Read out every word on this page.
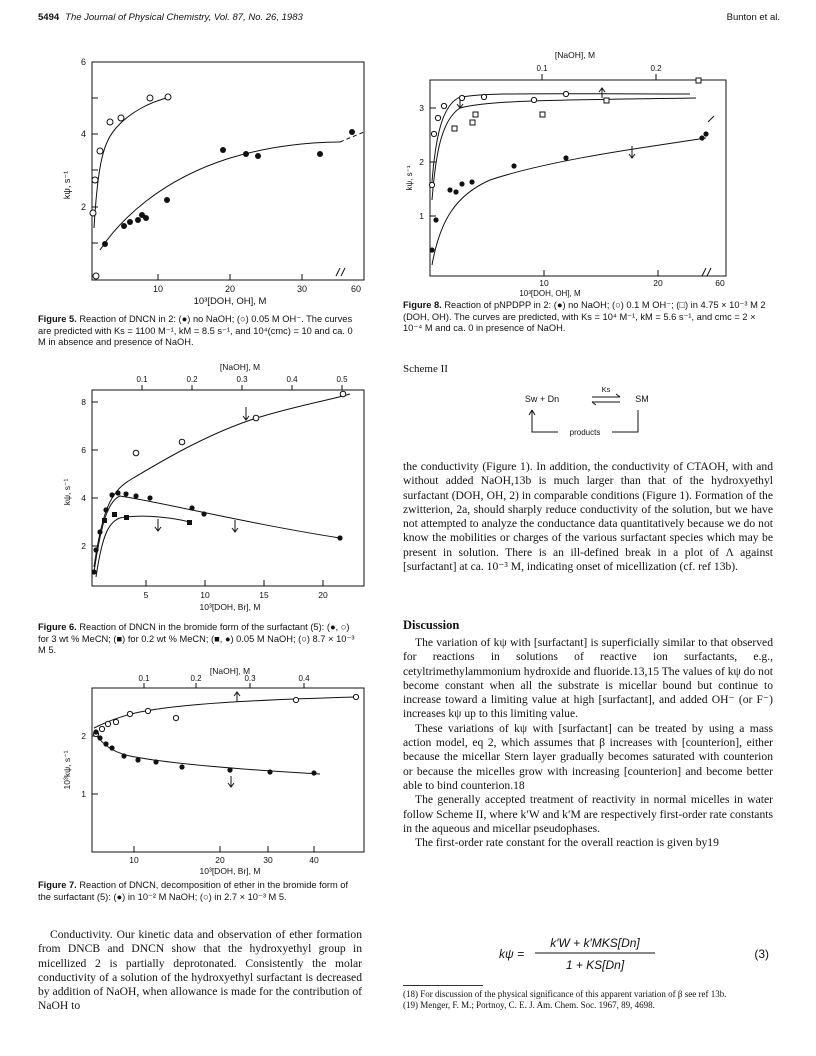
5494 The Journal of Physical Chemistry, Vol. 87, No. 26, 1983	Bunton et al.
2
4
6
10	20	30	60
10³[DOH, OH], M
kψ, s⁻¹
Figure 5. Reaction of DNCN in 2: (●) no NaOH; (○) 0.05 M OH⁻. The curves are predicted with Ks = 1100 M⁻¹, kM = 8.5 s⁻¹, and 10⁴(cmc) = 10 and ca. 0 M in absence and presence of NaOH.
[NaOH], M
0.1	0.2	0.3	0.4	0.5
2
4
6
8
5	10	15	20
10³[DOH, Br], M
kψ, s⁻¹
Figure 6. Reaction of DNCN in the bromide form of the surfactant (5): (●, ○) for 3 wt % MeCN; (■) for 0.2 wt % MeCN; (■, ●) 0.05 M NaOH; (○) 8.7 × 10⁻³ M 5.
[NaOH], M
0.1	0.2	0.3	0.4
1
2
10	20	30	40
10³[DOH, Br], M
10³kψ, s⁻¹
Figure 7. Reaction of DNCN, decomposition of ether in the bromide form of the surfactant (5): (●) in 10⁻² M NaOH; (○) in 2.7 × 10⁻³ M 5.

Conductivity. Our kinetic data and observation of ether formation from DNCB and DNCN show that the hydroxyethyl group in micellized 2 is partially deprotonated. Consistently the molar conductivity of a solution of the hydroxyethyl surfactant is decreased by addition of NaOH, when allowance is made for the contribution of NaOH to

[NaOH], M
0.1	0.2
1
2
3
10	20	60
10³[DOH, OH], M
kψ, s⁻¹
Figure 8. Reaction of pNPDPP in 2: (●) no NaOH; (○) 0.1 M OH⁻; (□) in 4.75 × 10⁻³ M 2 (DOH, OH). The curves are predicted, with Ks = 10⁴ M⁻¹, kM = 5.6 s⁻¹, and cmc = 2 × 10⁻⁴ M and ca. 0 in presence of NaOH.
Scheme II
Sw + Dn
Ks
SM
products

the conductivity (Figure 1). In addition, the conductivity of CTAOH, with and without added NaOH,13b is much larger than that of the hydroxyethyl surfactant (DOH, OH, 2) in comparable conditions (Figure 1). Formation of the zwitterion, 2a, should sharply reduce conductivity of the solution, but we have not attempted to analyze the conductance data quantitatively because we do not know the mobilities or charges of the various surfactant species which may be present in solution. There is an ill-defined break in a plot of Λ against [surfactant] at ca. 10⁻³ M, indicating onset of micellization (cf. ref 13b).

Discussion

The variation of kψ with [surfactant] is superficially similar to that observed for reactions in solutions of reactive ion surfactants, e.g., cetyltrimethylammonium hydroxide and fluoride.13,15 The values of kψ do not become constant when all the substrate is micellar bound but continue to increase toward a limiting value at high [surfactant], and added OH⁻ (or F⁻) increases kψ up to this limiting value.

These variations of kψ with [surfactant] can be treated by using a mass action model, eq 2, which assumes that β increases with [counterion], either because the micellar Stern layer gradually becomes saturated with counterion or because the micelles grow with increasing [counterion] and become better able to bind counterion.18

The generally accepted treatment of reactivity in normal micelles in water follow Scheme II, where k′W and k′M are respectively first-order rate constants in the aqueous and micellar pseudophases.

The first-order rate constant for the overall reaction is given by19

kψ =
k′W + k′MKS[Dn]
1 + KS[Dn]
(3)
(18) For discussion of the physical significance of this apparent variation of β see ref 13b.
(19) Menger, F. M.; Portnoy, C. E. J. Am. Chem. Soc. 1967, 89, 4698.
